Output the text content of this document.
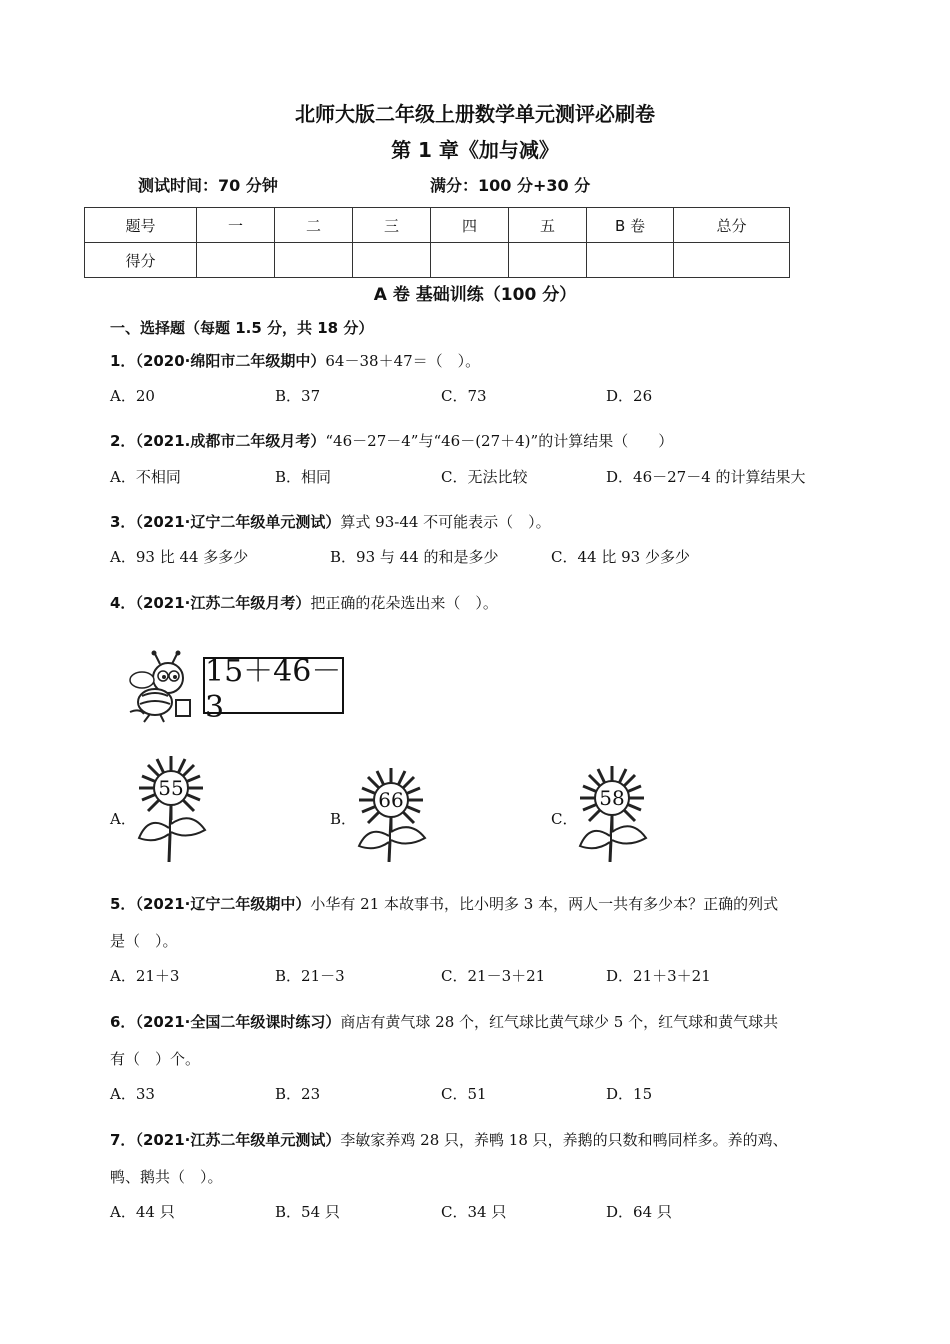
北师大版二年级上册数学单元测评必刷卷
第 1 章《加与减》
测试时间：70 分钟	满分：100 分+30 分
题号	一	二	三	四	五	B 卷	总分
得分							
A 卷 基础训练（100 分）
一、选择题（每题 1.5 分，共 18 分）
1．（2020·绵阳市二年级期中）64－38＋47＝（　）。
A．20	B．37	C．73	D．26
2．（2021.成都市二年级月考）“46－27－4”与“46－(27＋4)”的计算结果（　　）
A．不相同	B．相同	C．无法比较	D．46－27－4 的计算结果大
3．（2021·辽宁二年级单元测试）算式 93-44 不可能表示（　）。
A．93 比 44 多多少	B．93 与 44 的和是多少	C．44 比 93 少多少
4．（2021·江苏二年级月考）把正确的花朵选出来（　）。
15＋46－3
A．
55
B．
66
C．
58
5．（2021·辽宁二年级期中）小华有 21 本故事书，比小明多 3 本，两人一共有多少本？正确的列式
是（　）。
A．21＋3	B．21－3	C．21－3＋21	D．21＋3＋21
6．（2021·全国二年级课时练习）商店有黄气球 28 个，红气球比黄气球少 5 个，红气球和黄气球共
有（　）个。
A．33	B．23	C．51	D．15
7．（2021·江苏二年级单元测试）李敏家养鸡 28 只，养鸭 18 只，养鹅的只数和鸭同样多。养的鸡、
鸭、鹅共（　）。
A．44 只	B．54 只	C．34 只	D．64 只
